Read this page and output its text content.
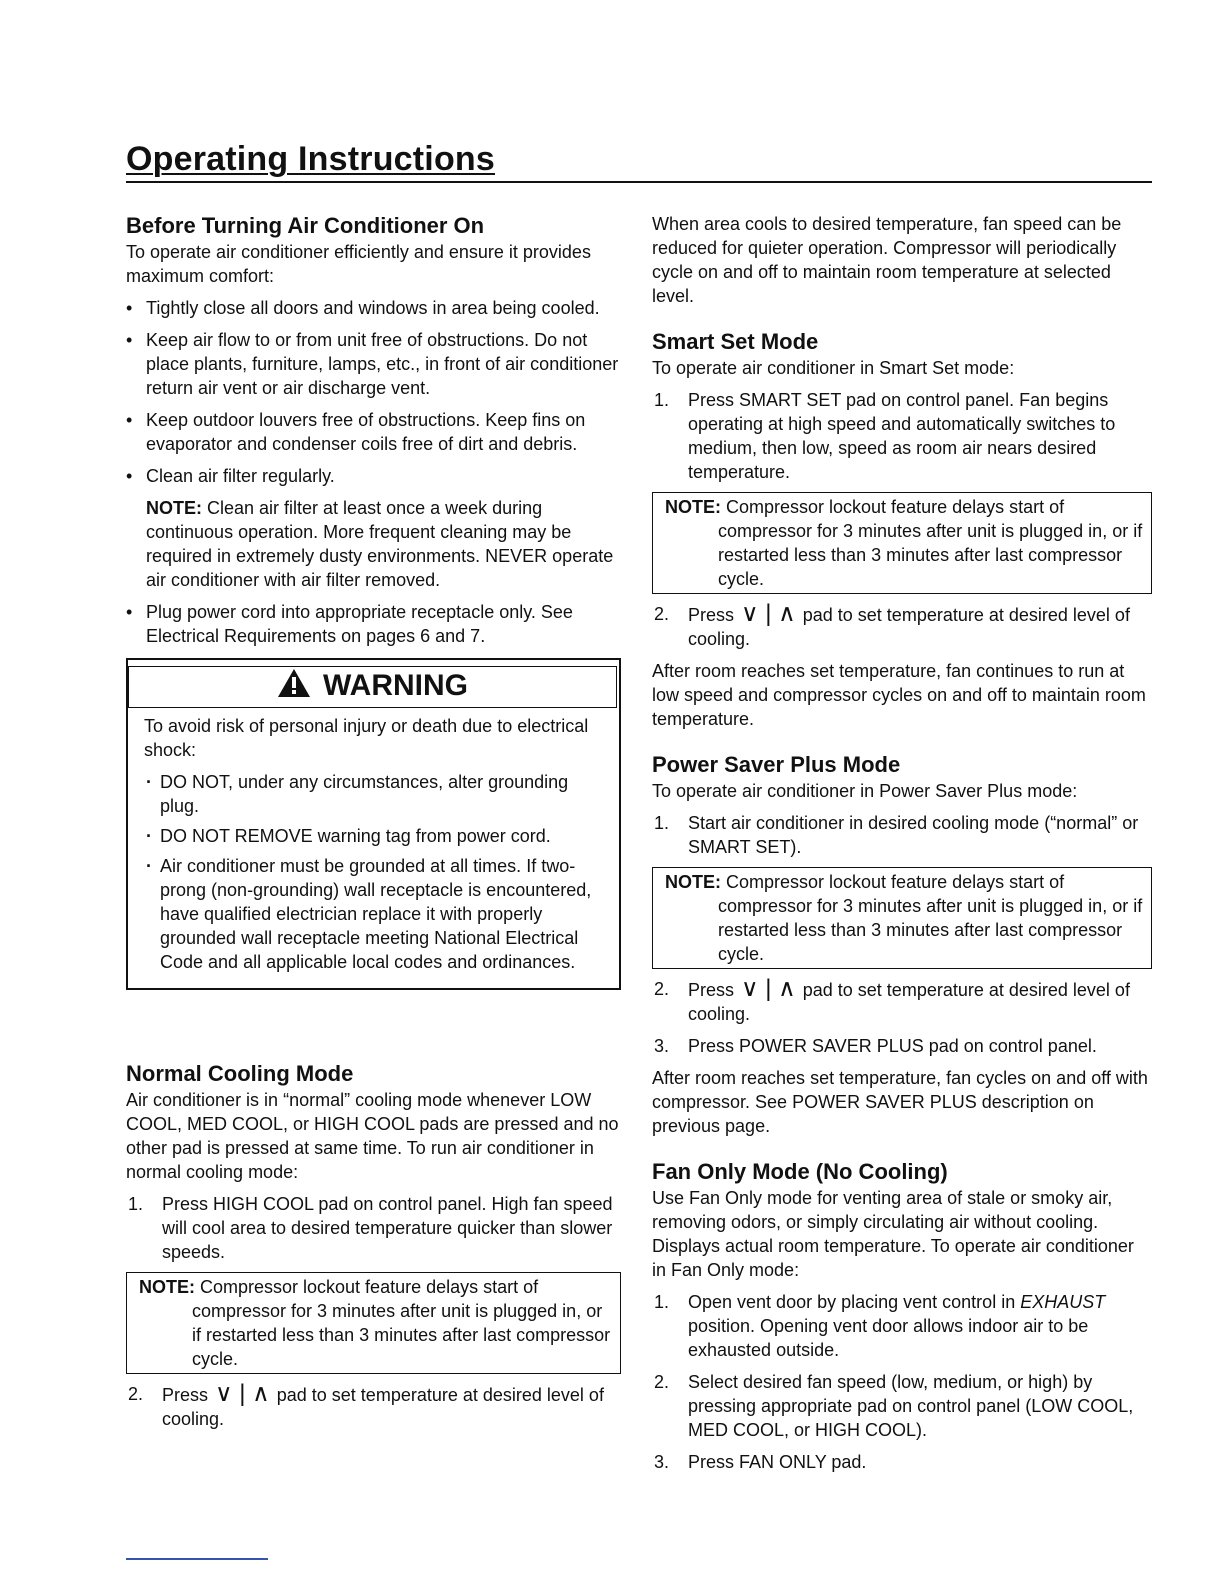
Operating Instructions
Before Turning Air Conditioner On

To operate air conditioner efficiently and ensure it provides maximum comfort:

• Tightly close all doors and windows in area being cooled.
• Keep air flow to or from unit free of obstructions. Do not place plants, furniture, lamps, etc., in front of air conditioner return air vent or air discharge vent.
• Keep outdoor louvers free of obstructions. Keep fins on evaporator and condenser coils free of dirt and debris.
• Clean air filter regularly.

NOTE: Clean air filter at least once a week during continuous operation. More frequent cleaning may be required in extremely dusty environments. NEVER operate air conditioner with air filter removed.

• Plug power cord into appropriate receptacle only. See Electrical Requirements on pages 6 and 7.
WARNING

To avoid risk of personal injury or death due to electrical shock:

· DO NOT, under any circumstances, alter grounding plug.
· DO NOT REMOVE warning tag from power cord.
· Air conditioner must be grounded at all times. If two-prong (non-grounding) wall receptacle is encountered, have qualified electrician replace it with properly grounded wall receptacle meeting National Electrical Code and all applicable local codes and ordinances.
Normal Cooling Mode

Air conditioner is in “normal” cooling mode whenever LOW COOL, MED COOL, or HIGH COOL pads are pressed and no other pad is pressed at same time. To run air conditioner in normal cooling mode:

1. Press HIGH COOL pad on control panel. High fan speed will cool area to desired temperature quicker than slower speeds.
NOTE: Compressor lockout feature delays start of compressor for 3 minutes after unit is plugged in, or if restarted less than 3 minutes after last compressor cycle.
2. Press ∨ | ∧ pad to set temperature at desired level of cooling.

When area cools to desired temperature, fan speed can be reduced for quieter operation. Compressor will periodically cycle on and off to maintain room temperature at selected level.

Smart Set Mode

To operate air conditioner in Smart Set mode:

1. Press SMART SET pad on control panel. Fan begins operating at high speed and automatically switches to medium, then low, speed as room air nears desired temperature.
NOTE: Compressor lockout feature delays start of compressor for 3 minutes after unit is plugged in, or if restarted less than 3 minutes after last compressor cycle.
2. Press ∨ | ∧ pad to set temperature at desired level of cooling.

After room reaches set temperature, fan continues to run at low speed and compressor cycles on and off to maintain room temperature.

Power Saver Plus Mode

To operate air conditioner in Power Saver Plus mode:

1. Start air conditioner in desired cooling mode (“normal” or SMART SET).
NOTE: Compressor lockout feature delays start of compressor for 3 minutes after unit is plugged in, or if restarted less than 3 minutes after last compressor cycle.
2. Press ∨ | ∧ pad to set temperature at desired level of cooling.
3. Press POWER SAVER PLUS pad on control panel.

After room reaches set temperature, fan cycles on and off with compressor. See POWER SAVER PLUS description on previous page.

Fan Only Mode (No Cooling)

Use Fan Only mode for venting area of stale or smoky air, removing odors, or simply circulating air without cooling. Displays actual room temperature. To operate air conditioner in Fan Only mode:

1. Open vent door by placing vent control in EXHAUST position. Opening vent door allows indoor air to be exhausted outside.
2. Select desired fan speed (low, medium, or high) by pressing appropriate pad on control panel (LOW COOL, MED COOL, or HIGH COOL).
3. Press FAN ONLY pad.
